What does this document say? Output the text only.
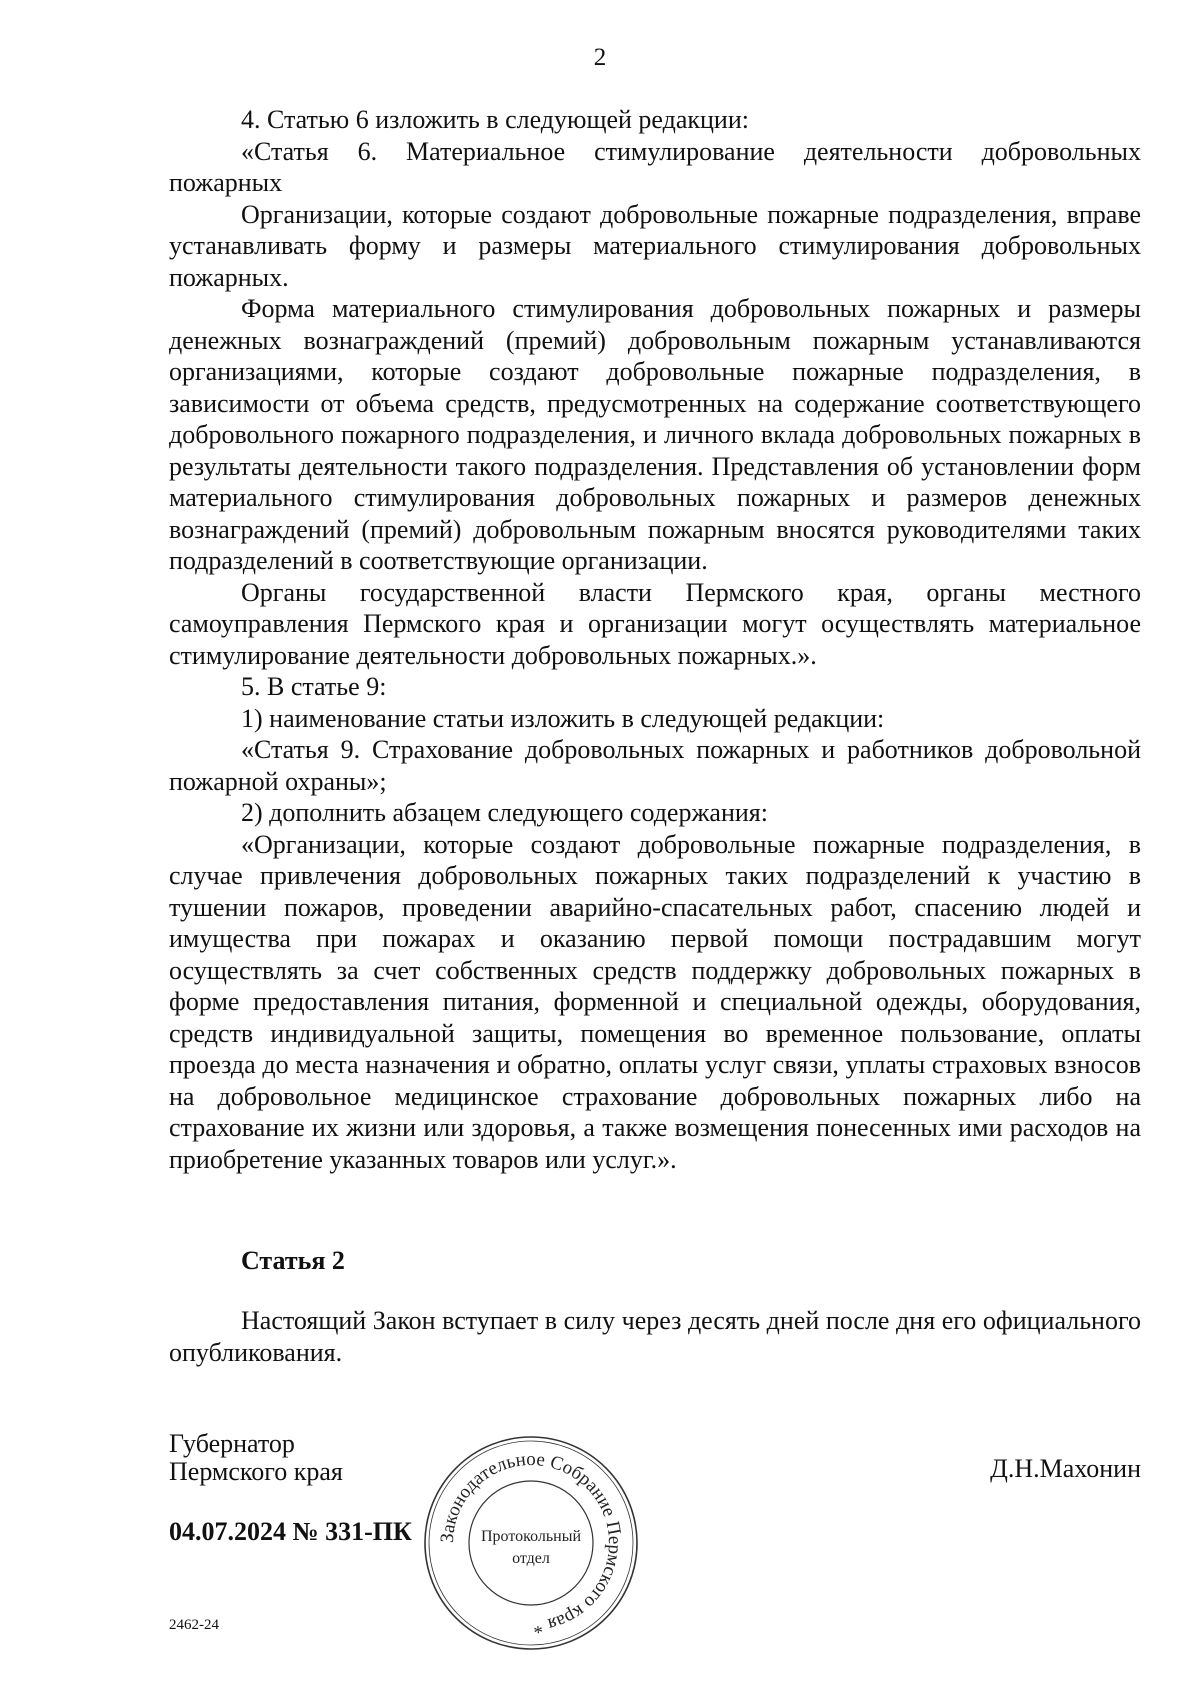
2

4. Статью 6 изложить в следующей редакции:

«Статья 6. Материальное стимулирование деятельности добровольных пожарных

Организации, которые создают добровольные пожарные подразделения, вправе устанавливать форму и размеры материального стимулирования добровольных пожарных.

Форма материального стимулирования добровольных пожарных и размеры денежных вознаграждений (премий) добровольным пожарным устанавливаются организациями, которые создают добровольные пожарные подразделения, в зависимости от объема средств, предусмотренных на содержание соответствующего добровольного пожарного подразделения, и личного вклада добровольных пожарных в результаты деятельности такого подразделения. Представления об установлении форм материального стимулирования добровольных пожарных и размеров денежных вознаграждений (премий) добровольным пожарным вносятся руководителями таких подразделений в соответствующие организации.

Органы государственной власти Пермского края, органы местного самоуправления Пермского края и организации могут осуществлять материальное стимулирование деятельности добровольных пожарных.».

5. В статье 9:

1) наименование статьи изложить в следующей редакции:

«Статья 9. Страхование добровольных пожарных и работников добровольной пожарной охраны»;

2) дополнить абзацем следующего содержания:

«Организации, которые создают добровольные пожарные подразделения, в случае привлечения добровольных пожарных таких подразделений к участию в тушении пожаров, проведении аварийно-спасательных работ, спасению людей и имущества при пожарах и оказанию первой помощи пострадавшим могут осуществлять за счет собственных средств поддержку добровольных пожарных в форме предоставления питания, форменной и специальной одежды, оборудования, средств индивидуальной защиты, помещения во временное пользование, оплаты проезда до места назначения и обратно, оплаты услуг связи, уплаты страховых взносов на добровольное медицинское страхование добровольных пожарных либо на страхование их жизни или здоровья, а также возмещения понесенных ими расходов на приобретение указанных товаров или услуг.».

Статья 2

Настоящий Закон вступает в силу через десять дней после дня его официального опубликования.

Губернатор
Пермского края	Д.Н.Махонин
04.07.2024 № 331-ПК
2462-24
Законодательное Собрание Пермского края *
Протокольный
отдел
